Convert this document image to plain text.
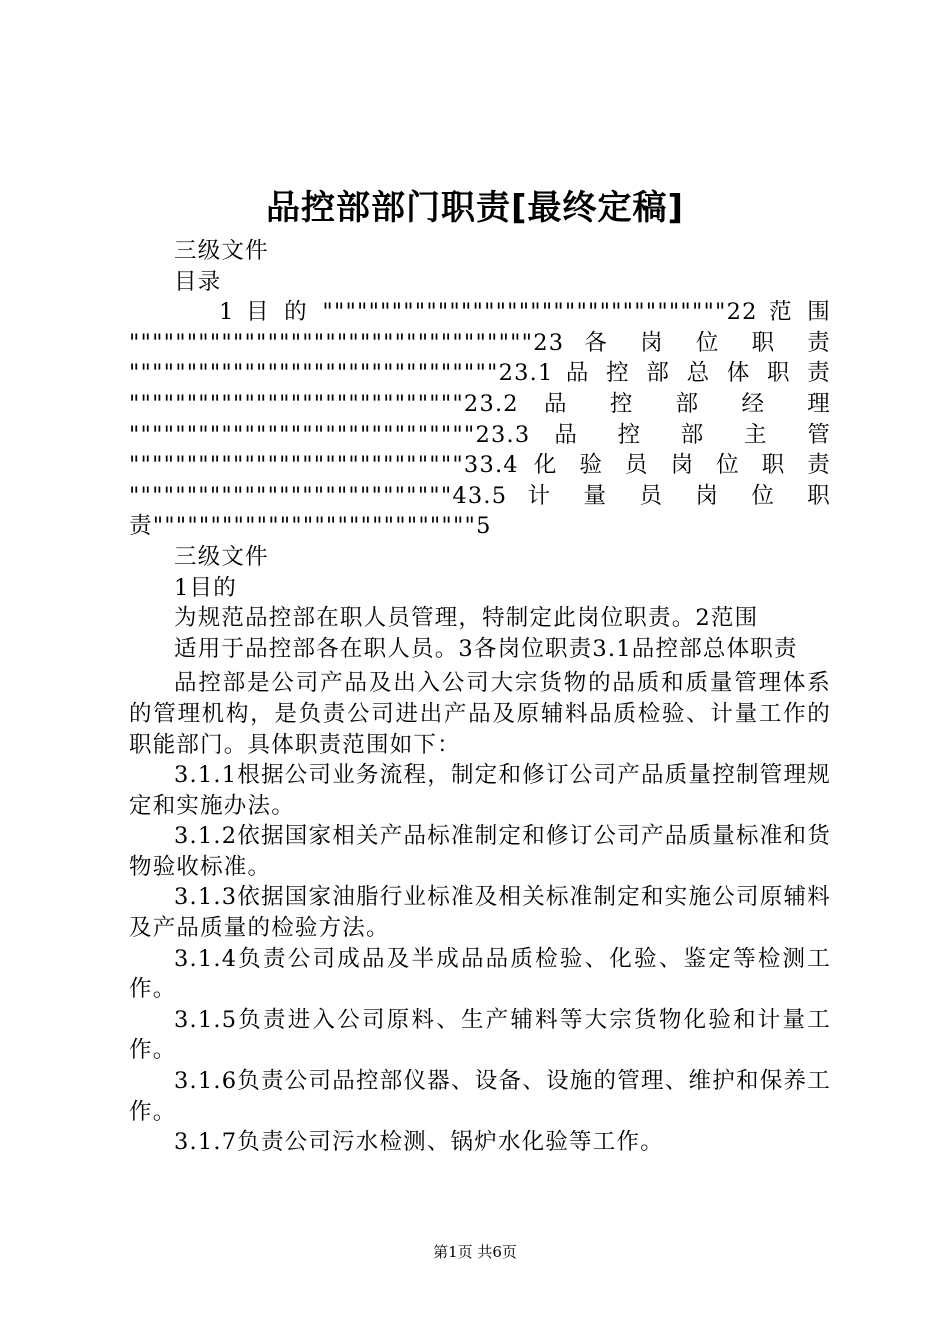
品控部部门职责[最终定稿]

三级文件

目录

1 目 的 """""""""""""""""""""""""""""""""""22 范 围 """""""""""""""""""""""""""""""""""23 各 岗 位 职 责 """"""""""""""""""""""""""""""""23.1 品 控 部 总 体 职 责 """""""""""""""""""""""""""""23.2 品 控 部 经 理 """"""""""""""""""""""""""""""23.3 品 控 部 主 管 """""""""""""""""""""""""""""33.4 化 验 员 岗 位 职 责 """"""""""""""""""""""""""""43.5 计 量 员 岗 位 职 责""""""""""""""""""""""""""""5

三级文件

1目的

为规范品控部在职人员管理，特制定此岗位职责。2范围

适用于品控部各在职人员。3各岗位职责3.1品控部总体职责

品控部是公司产品及出入公司大宗货物的品质和质量管理体系的管理机构，是负责公司进出产品及原辅料品质检验、计量工作的职能部门。具体职责范围如下：

3.1.1根据公司业务流程，制定和修订公司产品质量控制管理规定和实施办法。

3.1.2依据国家相关产品标准制定和修订公司产品质量标准和货物验收标准。

3.1.3依据国家油脂行业标准及相关标准制定和实施公司原辅料及产品质量的检验方法。

3.1.4负责公司成品及半成品品质检验、化验、鉴定等检测工作。

3.1.5负责进入公司原料、生产辅料等大宗货物化验和计量工作。

3.1.6负责公司品控部仪器、设备、设施的管理、维护和保养工作。

3.1.7负责公司污水检测、锅炉水化验等工作。

第1页 共6页
